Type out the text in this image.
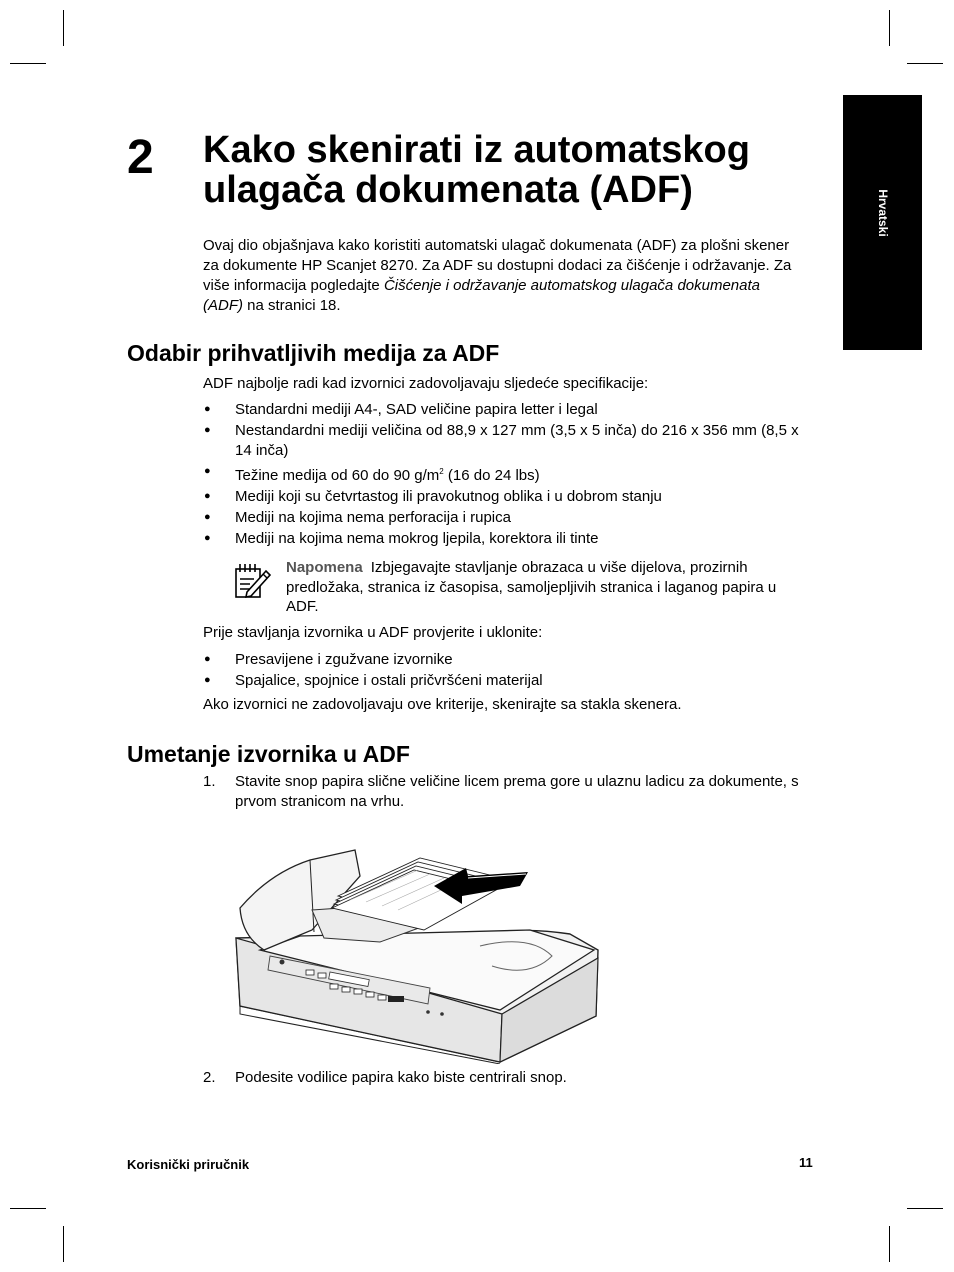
Hrvatski
2 Kako skenirati iz automatskog ulagača dokumenata (ADF)

Ovaj dio objašnjava kako koristiti automatski ulagač dokumenata (ADF) za plošni skener za dokumente HP Scanjet 8270. Za ADF su dostupni dodaci za čišćenje i održavanje. Za više informacija pogledajte Čišćenje i održavanje automatskog ulagača dokumenata (ADF) na stranici 18.

Odabir prihvatljivih medija za ADF

ADF najbolje radi kad izvornici zadovoljavaju sljedeće specifikacije:

● Standardni mediji A4-, SAD veličine papira letter i legal
● Nestandardni mediji veličina od 88,9 x 127 mm (3,5 x 5 inča) do 216 x 356 mm (8,5 x 14 inča)
● Težine medija od 60 do 90 $g/m^2$ (16 do 24 lbs)
● Mediji koji su četvrtastog ili pravokutnog oblika i u dobrom stanju
● Mediji na kojima nema perforacija i rupica
● Mediji na kojima nema mokrog ljepila, korektora ili tinte

Napomena Izbjegavajte stavljanje obrazaca u više dijelova, prozirnih predložaka, stranica iz časopisa, samoljepljivih stranica i laganog papira u ADF.

Prije stavljanja izvornika u ADF provjerite i uklonite:

● Presavijene i zgužvane izvornike
● Spajalice, spojnice i ostali pričvršćeni materijal

Ako izvornici ne zadovoljavaju ove kriterije, skenirajte sa stakla skenera.

Umetanje izvornika u ADF
1. Stavite snop papira slične veličine licem prema gore u ulaznu ladicu za dokumente, s prvom stranicom na vrhu.
2. Podesite vodilice papira kako biste centrirali snop.
Korisnički priručnik	11
